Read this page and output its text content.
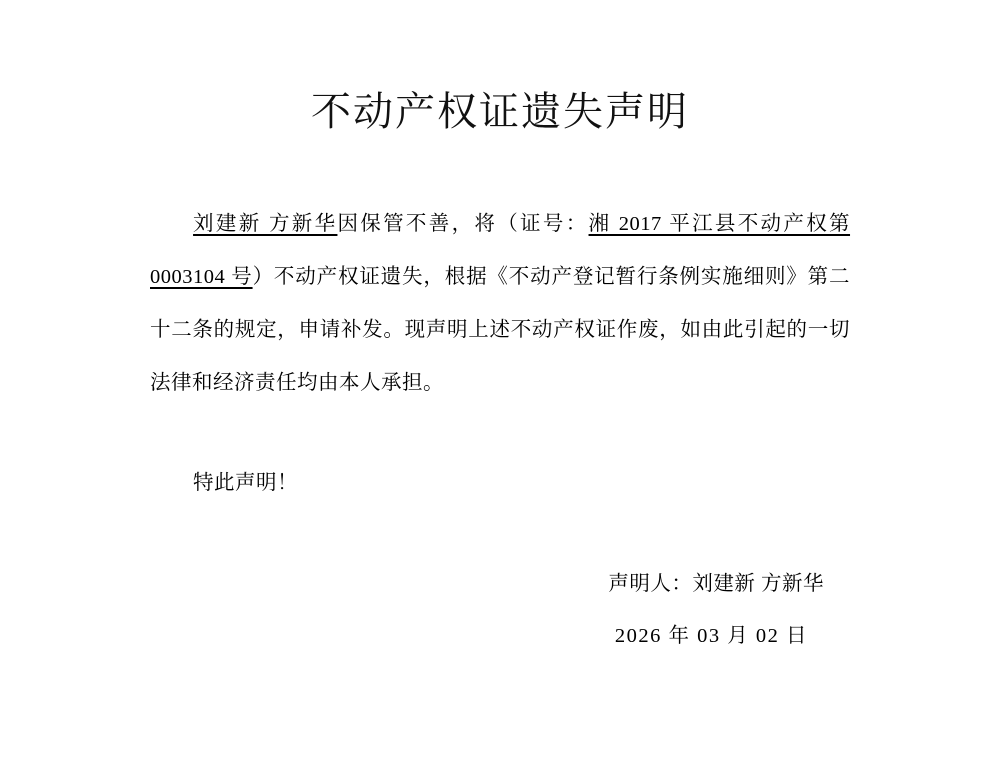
不动产权证遗失声明

刘建新 方新华因保管不善，将（证号：湘 2017 平江县不动产权第 0003104 号）不动产权证遗失，根据《不动产登记暂行条例实施细则》第二十二条的规定，申请补发。现声明上述不动产权证作废，如由此引起的一切法律和经济责任均由本人承担。

特此声明！

声明人：刘建新 方新华
2026 年 03 月 02 日
